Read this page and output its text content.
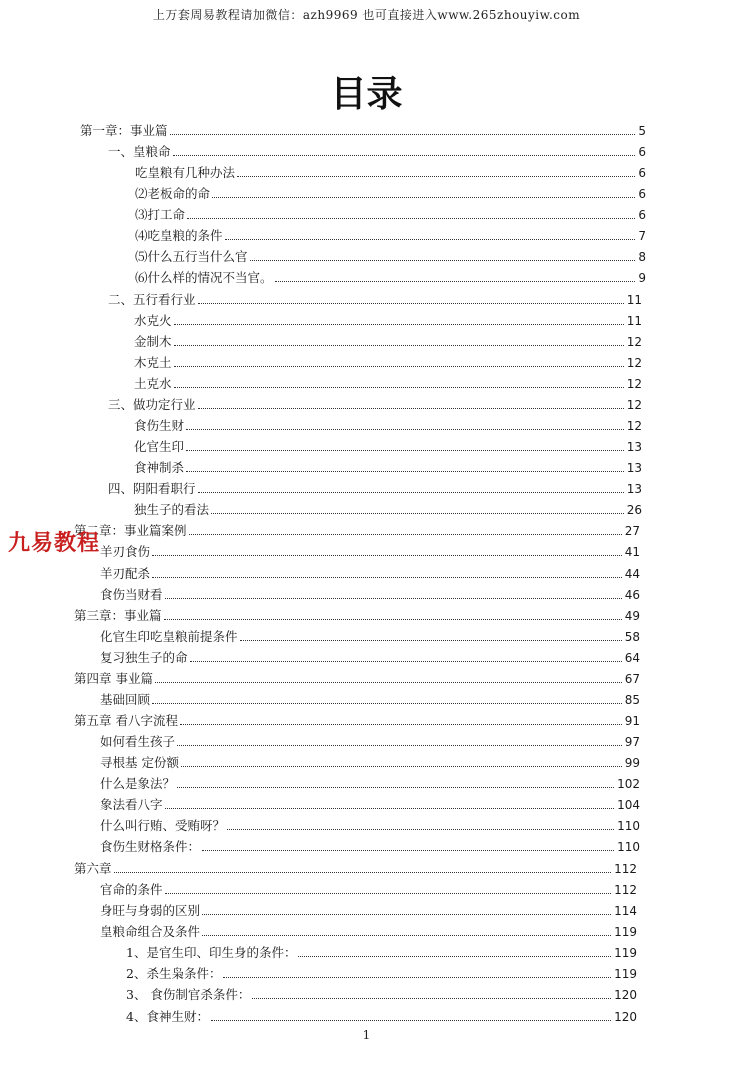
上万套周易教程请加微信：azh9969 也可直接进入www.265zhouyiw.com
目录
第一章：事业篇	5
一、皇粮命	6
吃皇粮有几种办法	6
⑵老板命的命	6
⑶打工命	6
⑷吃皇粮的条件	7
⑸什么五行当什么官	8
⑹什么样的情况不当官。	9
二、五行看行业	11
水克火	11
金制木	12
木克土	12
土克水	12
三、做功定行业	12
食伤生财	12
化官生印	13
食神制杀	13
四、阴阳看职行	13
独生子的看法	26
第二章：事业篇案例	27
羊刃食伤	41
羊刃配杀	44
食伤当财看	46
第三章：事业篇	49
化官生印吃皇粮前提条件	58
复习独生子的命	64
第四章 事业篇	67
基础回顾	85
第五章 看八字流程	91
如何看生孩子	97
寻根基 定份额	99
什么是象法？	102
象法看八字	104
什么叫行贿、受贿呀？	110
食伤生财格条件：	110
第六章	112
官命的条件	112
身旺与身弱的区别	114
皇粮命组合及条件	119
1、是官生印、印生身的条件：	119
2、杀生枭条件：	119
3、 食伤制官杀条件：	120
4、食神生财：	120
九易教程
1
